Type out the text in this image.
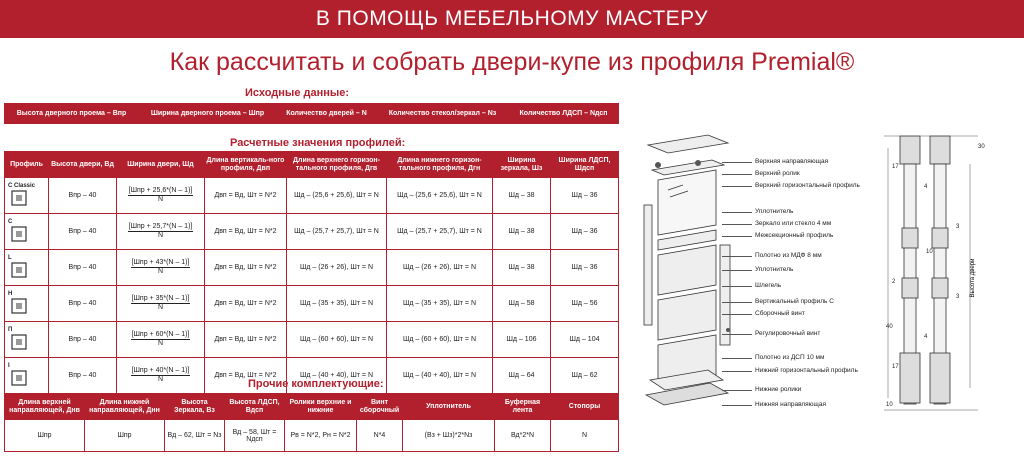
В ПОМОЩЬ МЕБЕЛЬНОМУ МАСТЕРУ
Как рассчитать и собрать двери-купе из профиля Premial®
Исходные данные:
Высота дверного проема – Впр	Ширина дверного проема – Шпр	Количество дверей – N	Количество стекол/зеркал – Nз	Количество ЛДСП – Nдсп
Расчетные значения профилей:
Профиль	Высота двери, Вд	Ширина двери, Шд	Длина вертикаль-ного профиля, Двп	Длина верхнего горизон-тального профиля, Дгв	Длина нижнего горизон-тального профиля, Дгн	Ширина зеркала, Шз	Ширина ЛДСП, Шдсп

C Classic	Впр – 40	$\frac{\text{[Шпр + 25,6*(N – 1)]}}{N}$	Двп = Вд, Шт = N*2	Шд – (25,6 + 25,6), Шт = N	Шд – (25,6 + 25,6), Шт = N	Шд – 38	Шд – 36

С	Впр – 40	$\frac{\text{[Шпр + 25,7*(N – 1)]}}{N}$	Двп = Вд, Шт = N*2	Шд – (25,7 + 25,7), Шт = N	Шд – (25,7 + 25,7), Шт = N	Шд – 38	Шд – 36

L	Впр – 40	$\frac{\text{[Шпр + 43*(N – 1)]}}{N}$	Двп = Вд, Шт = N*2	Шд – (26 + 26), Шт = N	Шд – (26 + 26), Шт = N	Шд – 38	Шд – 36

H	Впр – 40	$\frac{\text{[Шпр + 35*(N – 1)]}}{N}$	Двп = Вд, Шт = N*2	Шд – (35 + 35), Шт = N	Шд – (35 + 35), Шт = N	Шд – 58	Шд – 56

П	Впр – 40	$\frac{\text{[Шпр + 60*(N – 1)]}}{N}$	Двп = Вд, Шт = N*2	Шд – (60 + 60), Шт = N	Шд – (60 + 60), Шт = N	Шд – 106	Шд – 104

I	Впр – 40	$\frac{\text{[Шпр + 40*(N – 1)]}}{N}$	Двп = Вд, Шт = N*2	Шд – (40 + 40), Шт = N	Шд – (40 + 40), Шт = N	Шд – 64	Шд – 62
Прочие комплектующие:
Длина верхней направляющей, Днв	Длина нижней направляющей, Днн	Высота Зеркала, Вз	Высота ЛДСП, Вдсп	Ролики верхние и нижние	Винт сборочный	Уплотнитель	Буферная лента	Стопоры
Шпр	Шпр	Вд – 62, Шт = Nз	Вд – 58, Шт = Nдсп	Рв = N*2, Рн = N*2	N*4	(Вз + Шз)*2*Nз	Вд*2*N	N
Верхняя направляющая
Верхний ролик
Верхний горизонтальный профиль
Уплотнитель
Зеркало или стекло 4 мм
Межсекционный профиль
Полотно из МДФ 8 мм
Уплотнитель
Шлегель
Вертикальный профиль С
Сборочный винт
Регулировочный винт
Полотно из ДСП 10 мм
Нижний горизонтальный профиль
Нижние ролики
Нижняя направляющая
Высота двери
30
17
4
4
3
10
2
3
17
40
10
